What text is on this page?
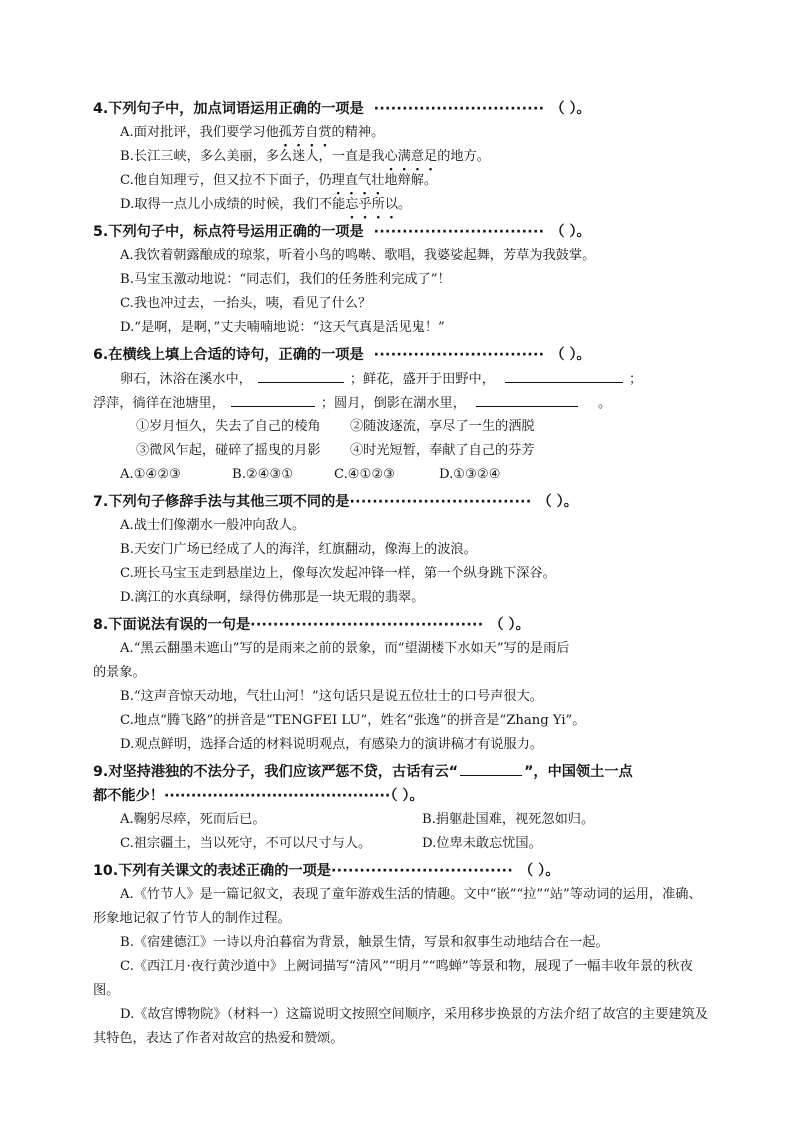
4.下列句子中，加点词语运用正确的一项是 ······························ （ ）。
A.面对批评，我们要学习他孤芳自赏的精神。
B.长江三峡，多么美丽，多么迷人，一直是我心满意足的地方。
C.他自知理亏，但又拉不下面子，仍理直气壮地辩解。
D.取得一点儿小成绩的时候，我们不能忘乎所以。
5.下列句子中，标点符号运用正确的一项是 ······························ （ ）。
A.我饮着朝露酿成的琼浆，听着小鸟的鸣啭、歌唱，我婆娑起舞，芳草为我鼓掌。
B.马宝玉激动地说：“同志们，我们的任务胜利完成了”！
C.我也冲过去，一抬头，咦，看见了什么？
D.“是啊，是啊，”丈夫喃喃地说：“这天气真是活见鬼！”
6.在横线上填上合适的诗句，正确的一项是 ······························ （ ）。
卵石，沐浴在溪水中，	；鲜花，盛开于田野中，	；
浮萍，徜徉在池塘里，	；圆月，倒影在湖水里，	。
①岁月恒久，失去了自己的棱角	②随波逐流，享尽了一生的洒脱
③微风乍起，碰碎了摇曳的月影	④时光短暂，奉献了自己的芬芳
A.①④②③	B.②④③①	C.④①②③	D.①③②④
7.下列句子修辞手法与其他三项不同的是 ································ （ ）。
A.战士们像潮水一般冲向敌人。
B.天安门广场已经成了人的海洋，红旗翻动，像海上的波浪。
C.班长马宝玉走到悬崖边上，像每次发起冲锋一样，第一个纵身跳下深谷。
D.漓江的水真绿啊，绿得仿佛那是一块无瑕的翡翠。
8.下面说法有误的一句是 ········································· （ ）。
A.“黑云翻墨未遮山”写的是雨来之前的景象，而“望湖楼下水如天”写的是雨后
的景象。
B.“这声音惊天动地，气壮山河！”这句话只是说五位壮士的口号声很大。
C.地点“腾飞路”的拼音是“TENGFEI LU”，姓名“张逸”的拼音是“Zhang Yi”。
D.观点鲜明，选择合适的材料说明观点，有感染力的演讲稿才有说服力。
9.对坚持港独的不法分子，我们应该严惩不贷，古话有云“	”，中国领土一点
都不能少！··········································（ ）。
A.鞠躬尽瘁，死而后已。	B.捐躯赴国难，视死忽如归。
C.祖宗疆土，当以死守，不可以尺寸与人。	D.位卑未敢忘忧国。
10.下列有关课文的表述正确的一项是 ································ （ ）。
A.《竹节人》是一篇记叙文，表现了童年游戏生活的情趣。文中“嵌”“拉”“站”等动词的运用，准确、形象地记叙了竹节人的制作过程。
B.《宿建德江》一诗以舟泊暮宿为背景，触景生情，写景和叙事生动地结合在一起。
C.《西江月·夜行黄沙道中》上阙词描写“清风”“明月”“鸣蝉”等景和物，展现了一幅丰收年景的秋夜图。
D.《故宫博物院》（材料一）这篇说明文按照空间顺序，采用移步换景的方法介绍了故宫的主要建筑及其特色，表达了作者对故宫的热爱和赞颂。
